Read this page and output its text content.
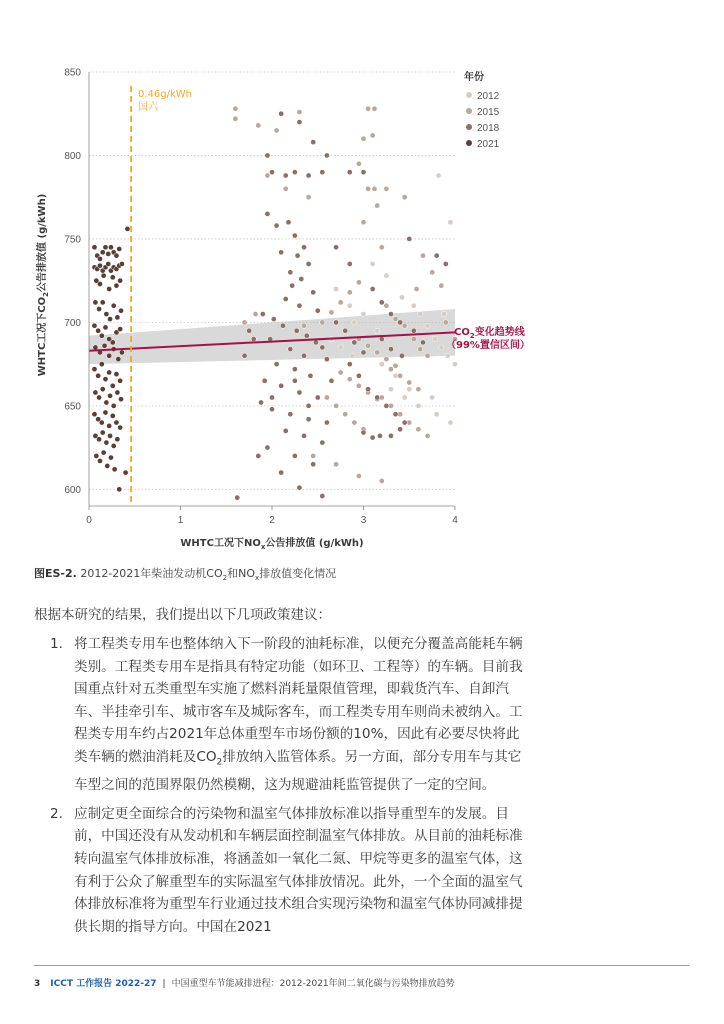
600
650
700
750
800
850
0	1	2	3	4
0.46g/kWh
国六
$CO_2$变化趋势线
（99%置信区间）
WHTC工况下$NO_x$公告排放值 (g/kWh)
WHTC工况下$CO_2$公告排放值 (g/kWh)
年份
2012
2015
2018
2021
图ES-2. 2012-2021年柴油发动机$CO_2$和$NO_x$排放值变化情况
根据本研究的结果，我们提出以下几项政策建议：
1. 将工程类专用车也整体纳入下一阶段的油耗标准，以便充分覆盖高能耗车辆类别。工程类专用车是指具有特定功能（如环卫、工程等）的车辆。目前我国重点针对五类重型车实施了燃料消耗量限值管理，即载货汽车、自卸汽车、半挂牵引车、城市客车及城际客车，而工程类专用车则尚未被纳入。工程类专用车约占2021年总体重型车市场份额的10%，因此有必要尽快将此类车辆的燃油消耗及$CO_2$排放纳入监管体系。另一方面，部分专用车与其它车型之间的范围界限仍然模糊，这为规避油耗监管提供了一定的空间。
2. 应制定更全面综合的污染物和温室气体排放标准以指导重型车的发展。目前，中国还没有从发动机和车辆层面控制温室气体排放。从目前的油耗标准转向温室气体排放标准，将涵盖如一氧化二氮、甲烷等更多的温室气体，这有利于公众了解重型车的实际温室气体排放情况。此外，一个全面的温室气体排放标准将为重型车行业通过技术组合实现污染物和温室气体协同减排提供长期的指导方向。中国在2021
3 ICCT 工作报告 2022-27 | 中国重型车节能减排进程：2012-2021年间二氧化碳与污染物排放趋势
